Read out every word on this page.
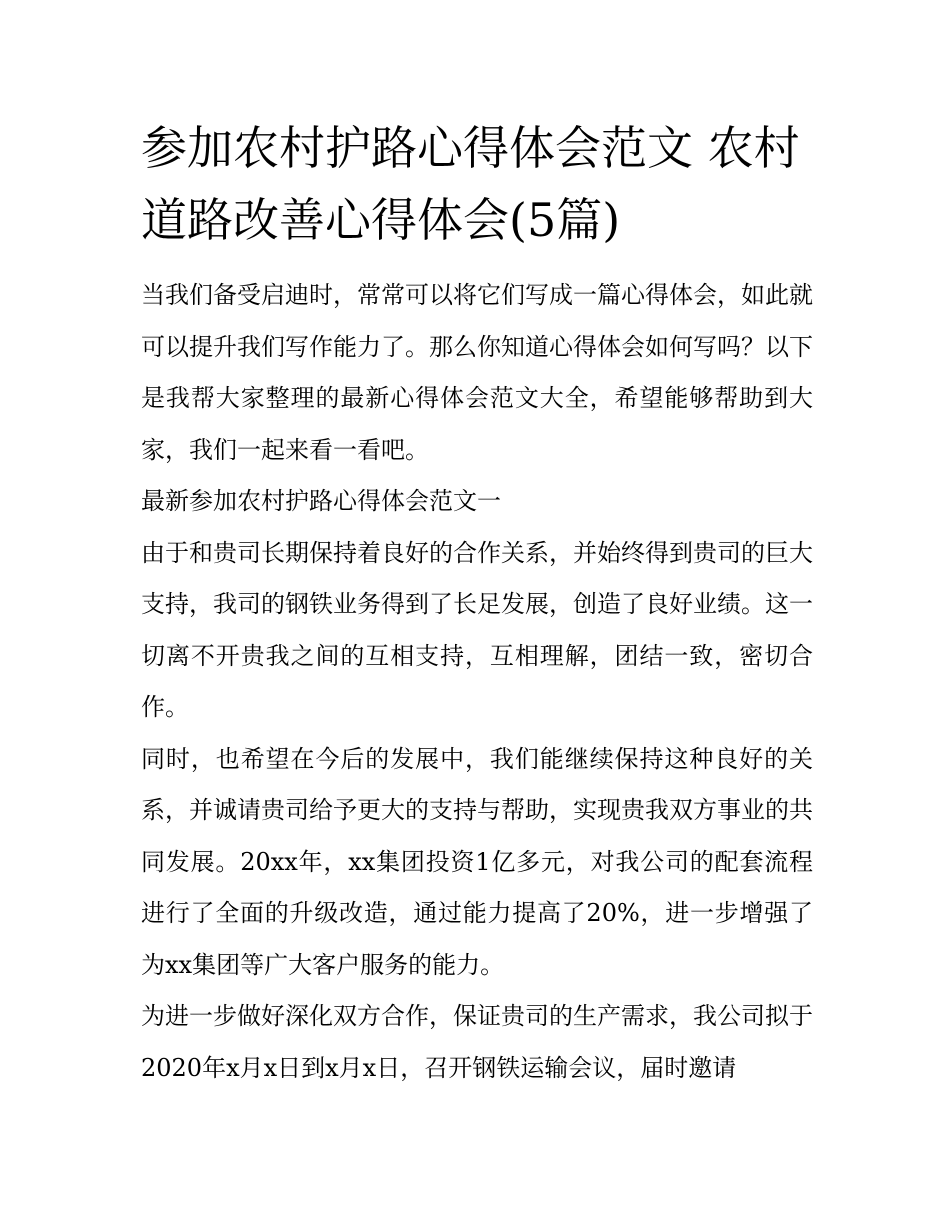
参加农村护路心得体会范文 农村道路改善心得体会(5篇)

当我们备受启迪时，常常可以将它们写成一篇心得体会，如此就可以提升我们写作能力了。那么你知道心得体会如何写吗？以下是我帮大家整理的最新心得体会范文大全，希望能够帮助到大家，我们一起来看一看吧。

最新参加农村护路心得体会范文一

由于和贵司长期保持着良好的合作关系，并始终得到贵司的巨大支持，我司的钢铁业务得到了长足发展，创造了良好业绩。这一切离不开贵我之间的互相支持，互相理解，团结一致，密切合作。

同时，也希望在今后的发展中，我们能继续保持这种良好的关系，并诚请贵司给予更大的支持与帮助，实现贵我双方事业的共同发展。20xx年，xx集团投资1亿多元，对我公司的配套流程进行了全面的升级改造，通过能力提高了20%，进一步增强了为xx集团等广大客户服务的能力。

为进一步做好深化双方合作，保证贵司的生产需求，我公司拟于2020年x月x日到x月x日，召开钢铁运输会议，届时邀请
